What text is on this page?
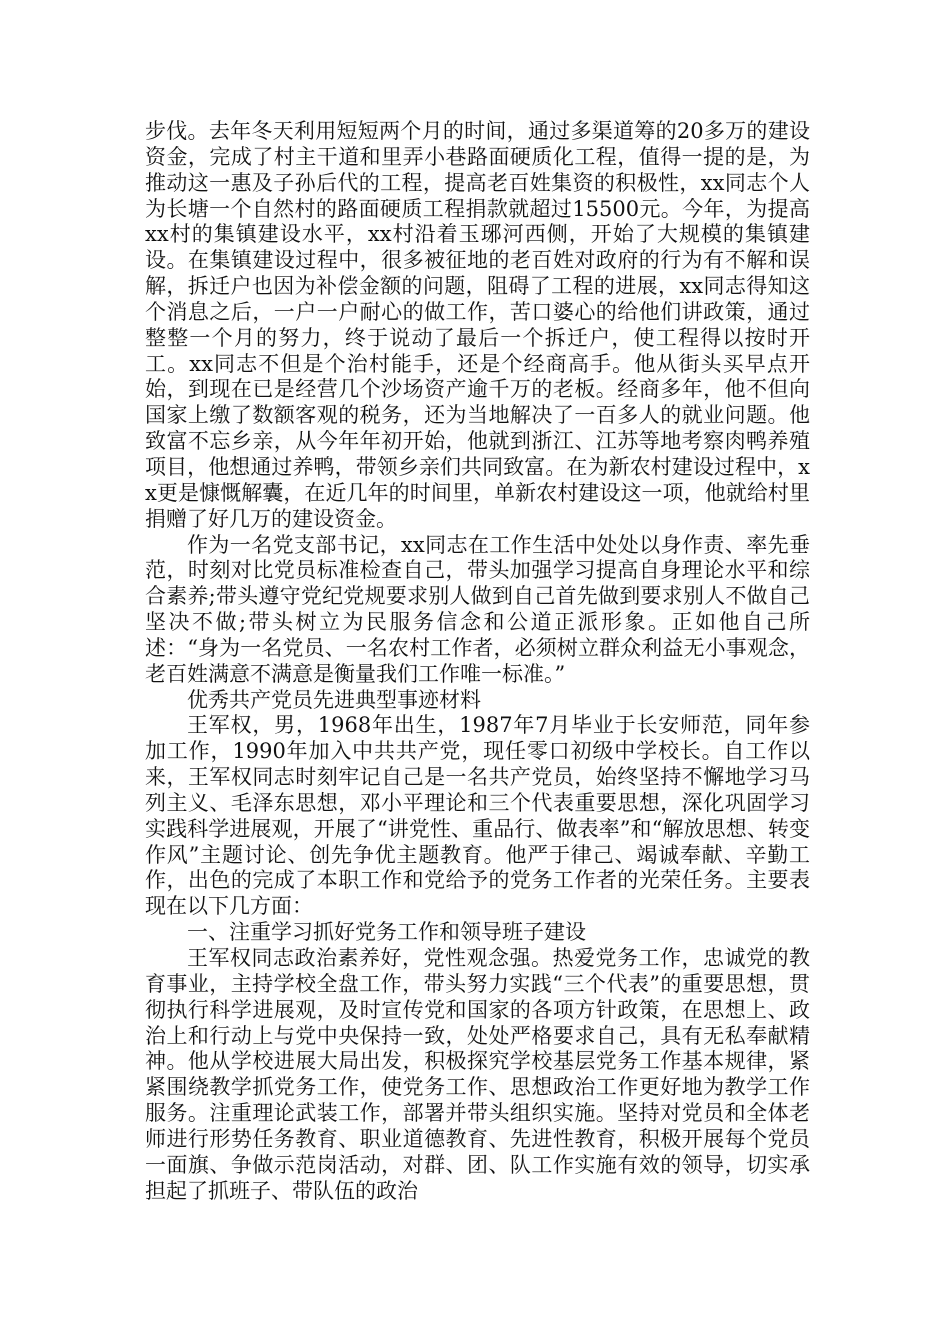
步伐。去年冬天利用短短两个月的时间，通过多渠道筹的20多万的建设资金，完成了村主干道和里弄小巷路面硬质化工程，值得一提的是，为推动这一惠及子孙后代的工程，提高老百姓集资的积极性，xx同志个人为长塘一个自然村的路面硬质工程捐款就超过15500元。今年，为提高xx村的集镇建设水平，xx村沿着玉琊河西侧，开始了大规模的集镇建设。在集镇建设过程中，很多被征地的老百姓对政府的行为有不解和误解，拆迁户也因为补偿金额的问题，阻碍了工程的进展，xx同志得知这个消息之后，一户一户耐心的做工作，苦口婆心的给他们讲政策，通过整整一个月的努力，终于说动了最后一个拆迁户，使工程得以按时开工。xx同志不但是个治村能手，还是个经商高手。他从街头买早点开始，到现在已是经营几个沙场资产逾千万的老板。经商多年，他不但向国家上缴了数额客观的税务，还为当地解决了一百多人的就业问题。他致富不忘乡亲，从今年年初开始，他就到浙江、江苏等地考察肉鸭养殖项目，他想通过养鸭，带领乡亲们共同致富。在为新农村建设过程中，xx更是慷慨解囊，在近几年的时间里，单新农村建设这一项，他就给村里捐赠了好几万的建设资金。

作为一名党支部书记，xx同志在工作生活中处处以身作责、率先垂范，时刻对比党员标准检查自己，带头加强学习提高自身理论水平和综合素养;带头遵守党纪党规要求别人做到自己首先做到要求别人不做自己坚决不做;带头树立为民服务信念和公道正派形象。正如他自己所述：“身为一名党员、一名农村工作者，必须树立群众利益无小事观念，老百姓满意不满意是衡量我们工作唯一标准。”

优秀共产党员先进典型事迹材料

王军权，男，1968年出生，1987年7月毕业于长安师范，同年参加工作，1990年加入中共共产党，现任零口初级中学校长。自工作以来，王军权同志时刻牢记自己是一名共产党员，始终坚持不懈地学习马列主义、毛泽东思想，邓小平理论和三个代表重要思想，深化巩固学习实践科学进展观，开展了“讲党性、重品行、做表率”和“解放思想、转变作风”主题讨论、创先争优主题教育。他严于律己、竭诚奉献、辛勤工作，出色的完成了本职工作和党给予的党务工作者的光荣任务。主要表现在以下几方面：

一、注重学习抓好党务工作和领导班子建设

王军权同志政治素养好，党性观念强。热爱党务工作，忠诚党的教育事业，主持学校全盘工作，带头努力实践“三个代表”的重要思想，贯彻执行科学进展观，及时宣传党和国家的各项方针政策，在思想上、政治上和行动上与党中央保持一致，处处严格要求自己，具有无私奉献精神。他从学校进展大局出发，积极探究学校基层党务工作基本规律，紧紧围绕教学抓党务工作，使党务工作、思想政治工作更好地为教学工作服务。注重理论武装工作，部署并带头组织实施。坚持对党员和全体老师进行形势任务教育、职业道德教育、先进性教育，积极开展每个党员一面旗、争做示范岗活动，对群、团、队工作实施有效的领导，切实承担起了抓班子、带队伍的政治
